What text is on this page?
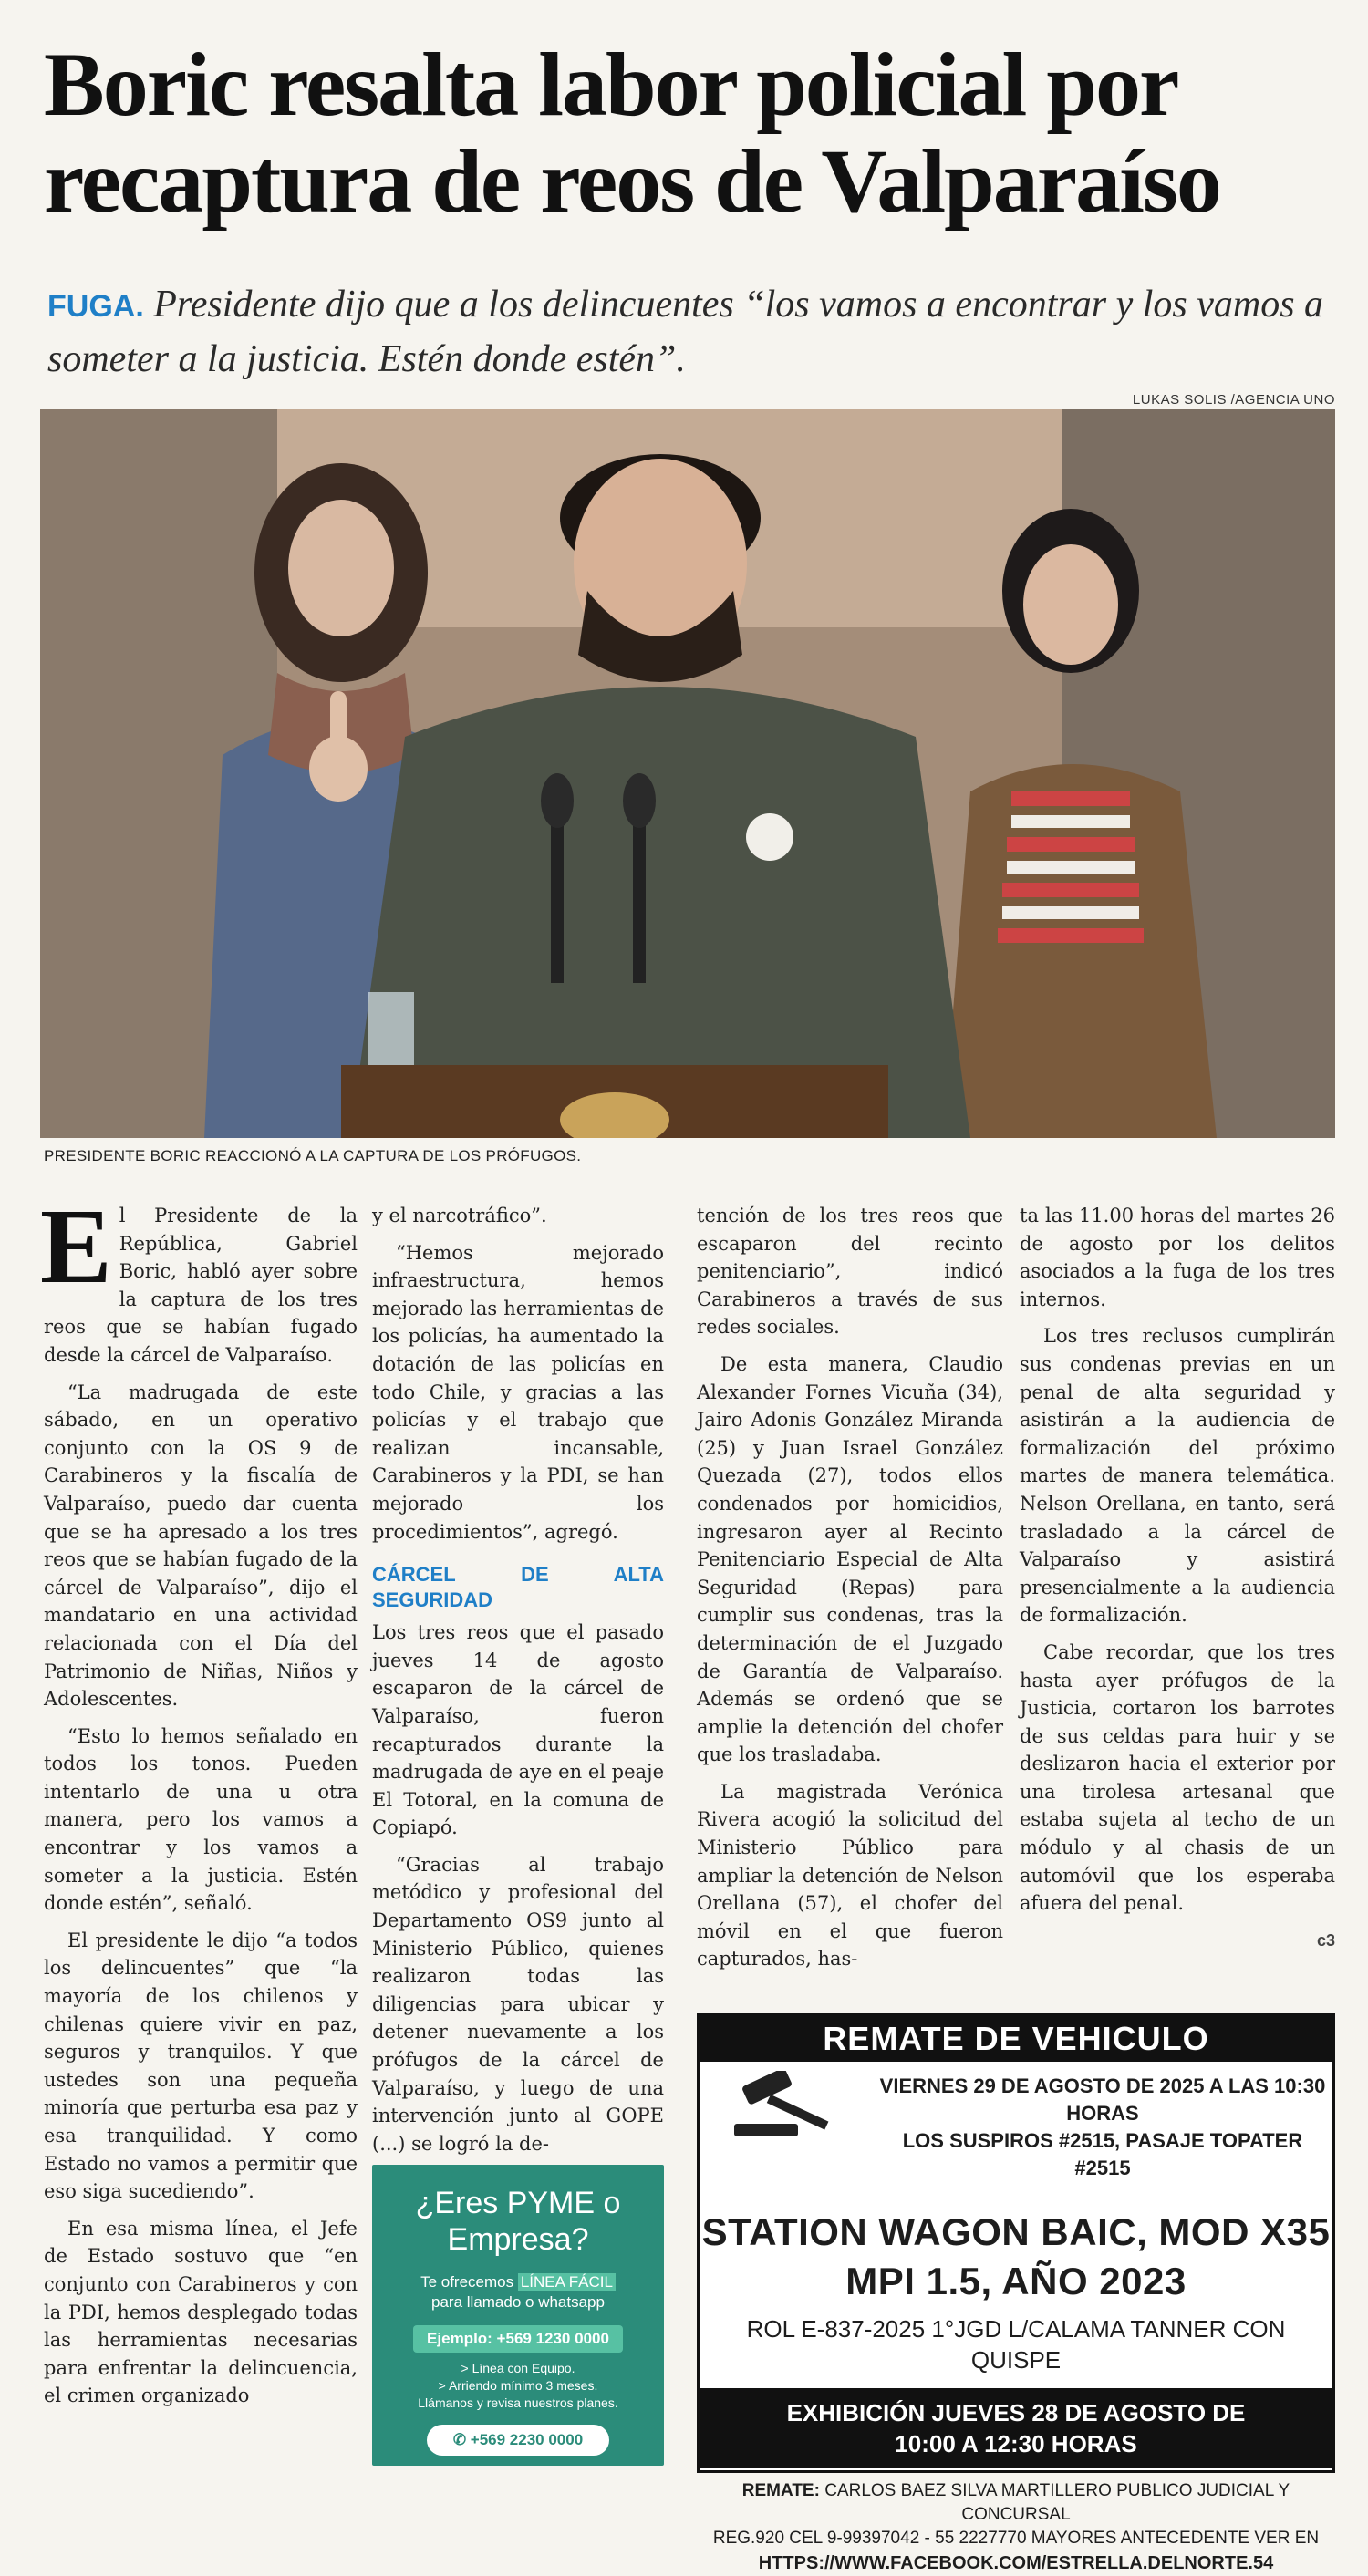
Boric resalta labor policial por
recaptura de reos de Valparaíso
FUGA. Presidente dijo que a los delincuentes “los vamos a encontrar y los vamos a
someter a la justicia. Estén donde estén”.
LUKAS SOLIS /AGENCIA UNO
PRESIDENTE BORIC REACCIONÓ A LA CAPTURA DE LOS PRÓFUGOS.
E l Presidente de la República, Gabriel Boric, habló ayer sobre la captura de los tres reos que se habían fugado desde la cárcel de Valparaíso.

“La madrugada de este sábado, en un operativo conjunto con la OS 9 de Carabineros y la fiscalía de Valparaíso, puedo dar cuenta que se ha apresado a los tres reos que se habían fugado de la cárcel de Valparaíso”, dijo el mandatario en una actividad relacionada con el Día del Patrimonio de Niñas, Niños y Adolescentes.

“Esto lo hemos señalado en todos los tonos. Pueden intentarlo de una u otra manera, pero los vamos a encontrar y los vamos a someter a la justicia. Estén donde estén”, señaló.

El presidente le dijo “a todos los delincuentes” que “la mayoría de los chilenos y chilenas quiere vivir en paz, seguros y tranquilos. Y que ustedes son una pequeña minoría que perturba esa paz y esa tranquilidad. Y como Estado no vamos a permitir que eso siga sucediendo”.

En esa misma línea, el Jefe de Estado sostuvo que “en conjunto con Carabineros y con la PDI, hemos desplegado todas las herramientas necesarias para enfrentar la delincuencia, el crimen organizado

y el narcotráfico”.

“Hemos mejorado infraestructura, hemos mejorado las herramientas de los policías, ha aumentado la dotación de las policías en todo Chile, y gracias a las policías y el trabajo que realizan incansable, Carabineros y la PDI, se han mejorado los procedimientos”, agregó.

CÁRCEL DE ALTA SEGURIDAD

Los tres reos que el pasado jueves 14 de agosto escaparon de la cárcel de Valparaíso, fueron recapturados durante la madrugada de aye en el peaje El Totoral, en la comuna de Copiapó.

“Gracias al trabajo metódico y profesional del Departamento OS9 junto al Ministerio Público, quienes realizaron todas las diligencias para ubicar y detener nuevamente a los prófugos de la cárcel de Valparaíso, y luego de una intervención junto al GOPE (...) se logró la de-

tención de los tres reos que escaparon del recinto penitenciario”, indicó Carabineros a través de sus redes sociales.

De esta manera, Claudio Alexander Fornes Vicuña (34), Jairo Adonis González Miranda (25) y Juan Israel González Quezada (27), todos ellos condenados por homicidios, ingresaron ayer al Recinto Penitenciario Especial de Alta Seguridad (Repas) para cumplir sus condenas, tras la determinación de el Juzgado de Garantía de Valparaíso. Además se ordenó que se amplie la detención del chofer que los trasladaba.

La magistrada Verónica Rivera acogió la solicitud del Ministerio Público para ampliar la detención de Nelson Orellana (57), el chofer del móvil en el que fueron capturados, has-

ta las 11.00 horas del martes 26 de agosto por los delitos asociados a la fuga de los tres internos.

Los tres reclusos cumplirán sus condenas previas en un penal de alta seguridad y asistirán a la audiencia de formalización del próximo martes de manera telemática. Nelson Orellana, en tanto, será trasladado a la cárcel de Valparaíso y asistirá presencialmente a la audiencia de formalización.

Cabe recordar, que los tres hasta ayer prófugos de la Justicia, cortaron los barrotes de sus celdas para huir y se deslizaron hacia el exterior por una tirolesa artesanal que estaba sujeta al techo de un módulo y al chasis de un automóvil que los esperaba afuera del penal.

c3
¿Eres PYME o
Empresa?
Te ofrecemos LÍNEA FÁCIL
para llamado o whatsapp
Ejemplo: +569 1230 0000
> Línea con Equipo.
> Arriendo mínimo 3 meses.
Llámanos y revisa nuestros planes.
✆ +569 2230 0000
REMATE DE VEHICULO
VIERNES 29 DE AGOSTO DE 2025 A LAS 10:30 HORAS
LOS SUSPIROS #2515, PASAJE TOPATER #2515
STATION WAGON BAIC, MOD X35
MPI 1.5, AÑO 2023
ROL E-837-2025 1°JGD L/CALAMA TANNER CON QUISPE
EXHIBICIÓN JUEVES 28 DE AGOSTO DE
10:00 A 12:30 HORAS
REMATE: CARLOS BAEZ SILVA MARTILLERO PUBLICO JUDICIAL Y CONCURSAL
REG.920 CEL 9-99397042 - 55 2227770 MAYORES ANTECEDENTE VER EN
HTTPS://WWW.FACEBOOK.COM/ESTRELLA.DELNORTE.54
